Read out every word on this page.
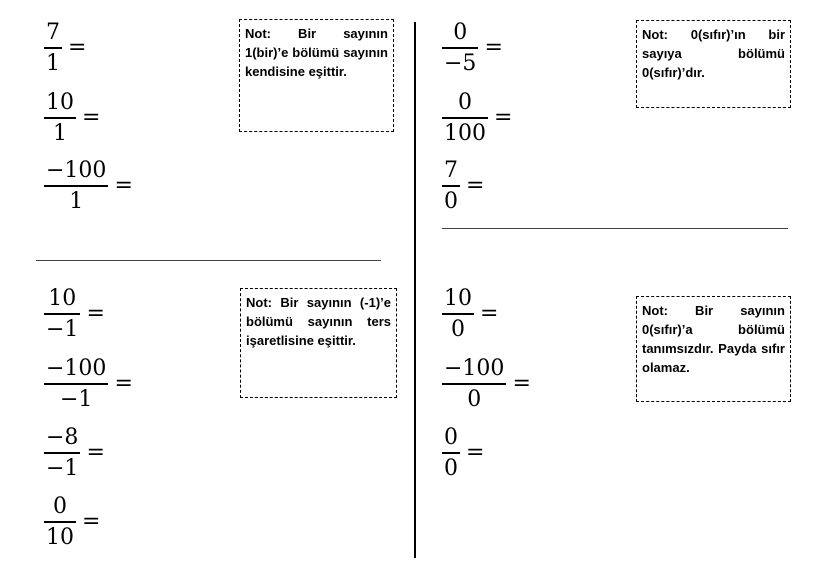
$\frac{7}{1}$ =
$\frac{10}{1}$ =
$\frac{-100}{1}$ =
Not: Bir sayının 1(bir)’e bölümü sayının kendisine eşittir.	$\frac{0}{-5}$ =
$\frac{0}{100}$ =
$\frac{7}{0}$ =
Not: 0(sıfır)’ın bir sayıya bölümü 0(sıfır)’dır.
$\frac{10}{-1}$ =
$\frac{-100}{-1}$ =
$\frac{-8}{-1}$ =
$\frac{0}{10}$ =
Not: Bir sayının (-1)’e bölümü sayının ters işaretlisine eşittir.	$\frac{10}{0}$ =
$\frac{-100}{0}$ =
$\frac{0}{0}$ =
Not: Bir sayının 0(sıfır)’a bölümü tanımsızdır. Payda sıfır olamaz.
